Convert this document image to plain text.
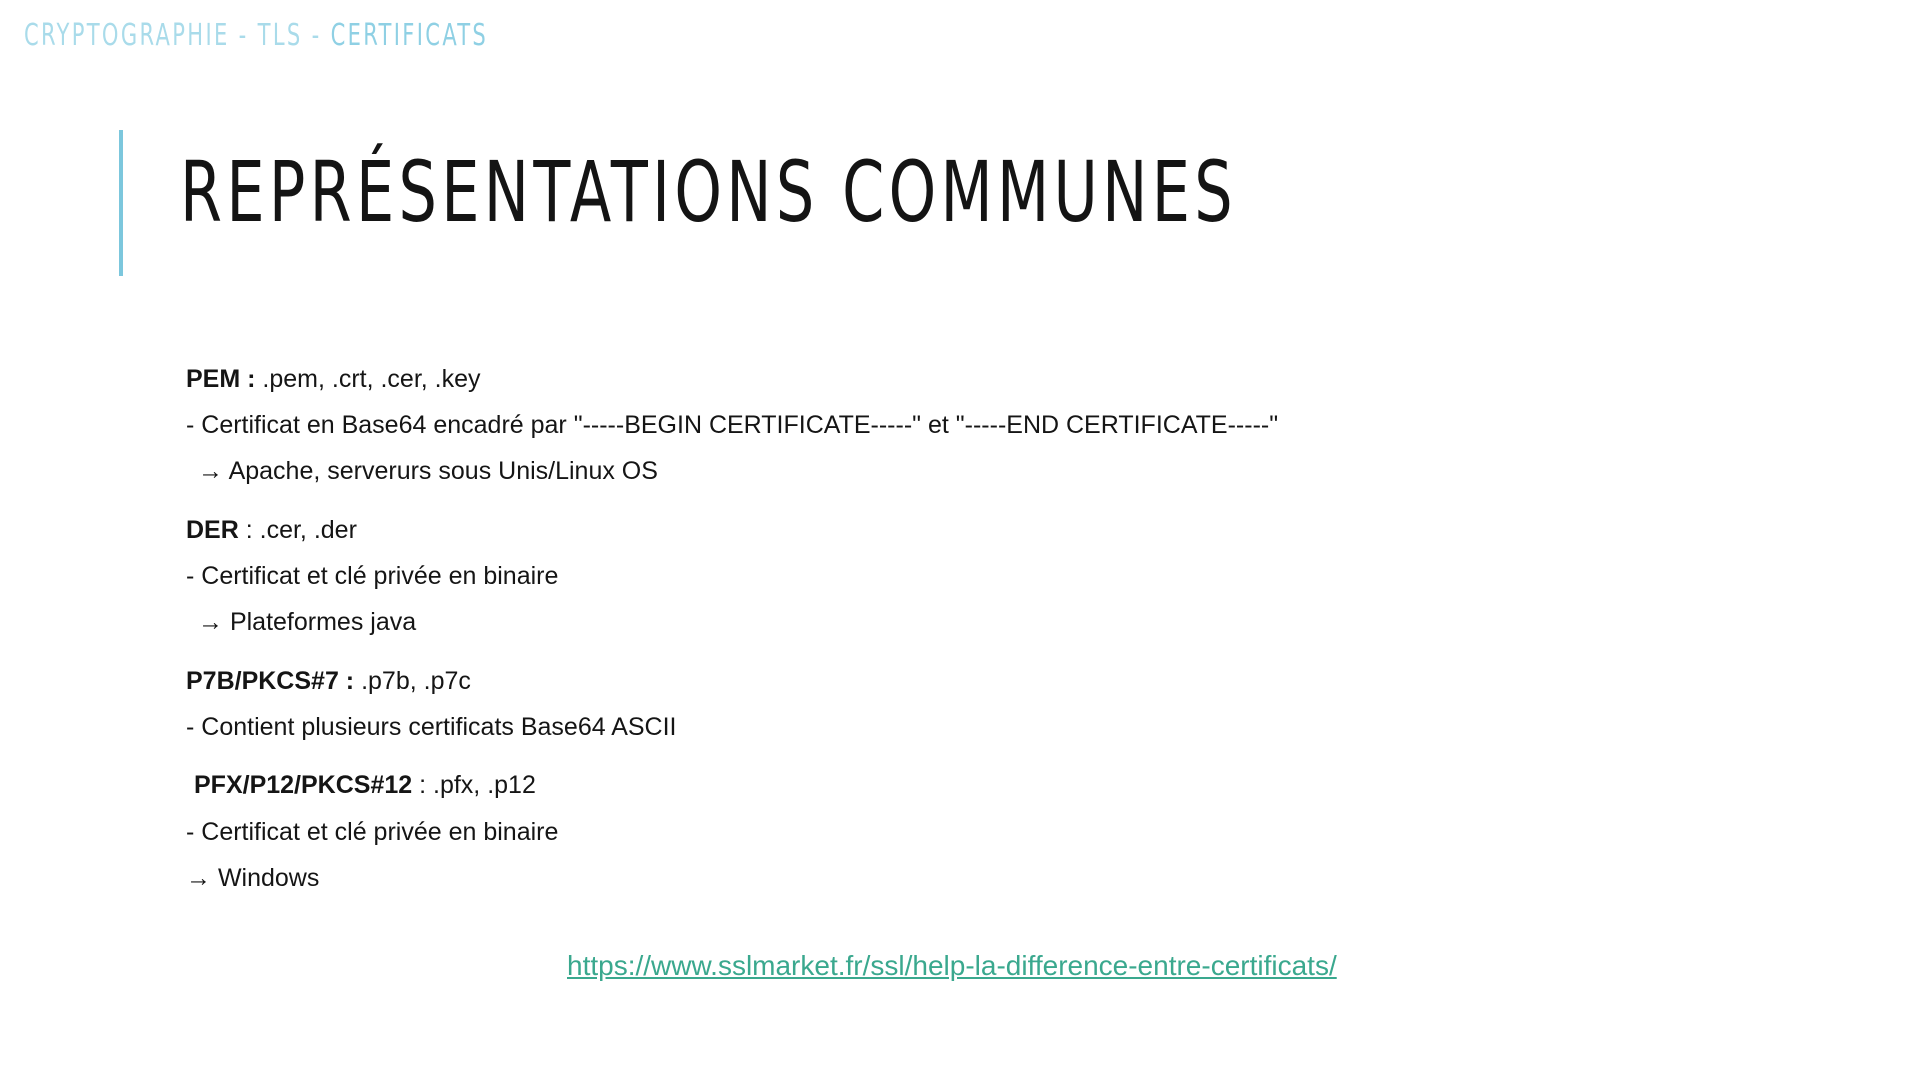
CRYPTOGRAPHIE - TLS - CERTIFICATS
REPRÉSENTATIONS COMMUNES
PEM : .pem, .crt, .cer, .key
- Certificat en Base64 encadré par "-----BEGIN CERTIFICATE-----" et "-----END CERTIFICATE-----"
→ Apache, serverurs sous Unis/Linux OS
DER : .cer, .der
- Certificat et clé privée en binaire
→ Plateformes java
P7B/PKCS#7 : .p7b, .p7c
- Contient plusieurs certificats Base64 ASCII
PFX/P12/PKCS#12 : .pfx, .p12
- Certificat et clé privée en binaire
→ Windows
https://www.sslmarket.fr/ssl/help-la-difference-entre-certificats/
